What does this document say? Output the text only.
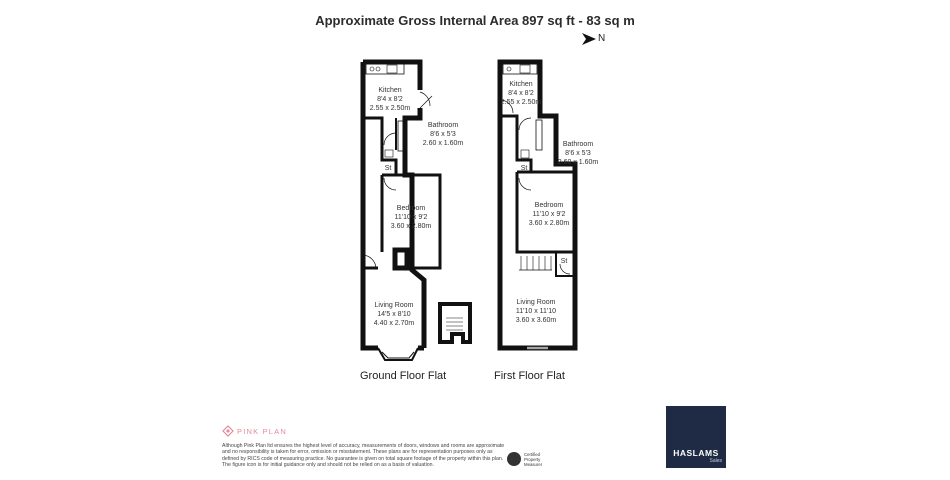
Approximate Gross Internal Area 897 sq ft - 83 sq m
N
Kitchen
8'4 x 8'2
2.55 x 2.50m
Bathroom
8'6 x 5'3
2.60 x 1.60m
St
Bedroom
11'10 x 9'2
3.60 x 2.80m
Living Room
14'5 x 8'10
4.40 x 2.70m
Kitchen
8'4 x 8'2
2.55 x 2.50m
Bathroom
8'6 x 5'3
2.60 x 1.60m
St
Bedroom
11'10 x 9'2
3.60 x 2.80m
St
Living Room
11'10 x 11'10
3.60 x 3.60m
Ground Floor Flat	First Floor Flat
PINK PLAN
Although Pink Plan ltd ensures the highest level of accuracy, measurements of doors, windows and rooms are approximate and no responsibility is taken for error, omission or misstatement. These plans are for representation purposes only as defined by RICS code of measuring practice. No guarantee is given on total square footage of the property within this plan. The figure icon is for initial guidance only and should not be relied on as a basis of valuation.
Certified Property Measurer
HASLAMS
Sales
